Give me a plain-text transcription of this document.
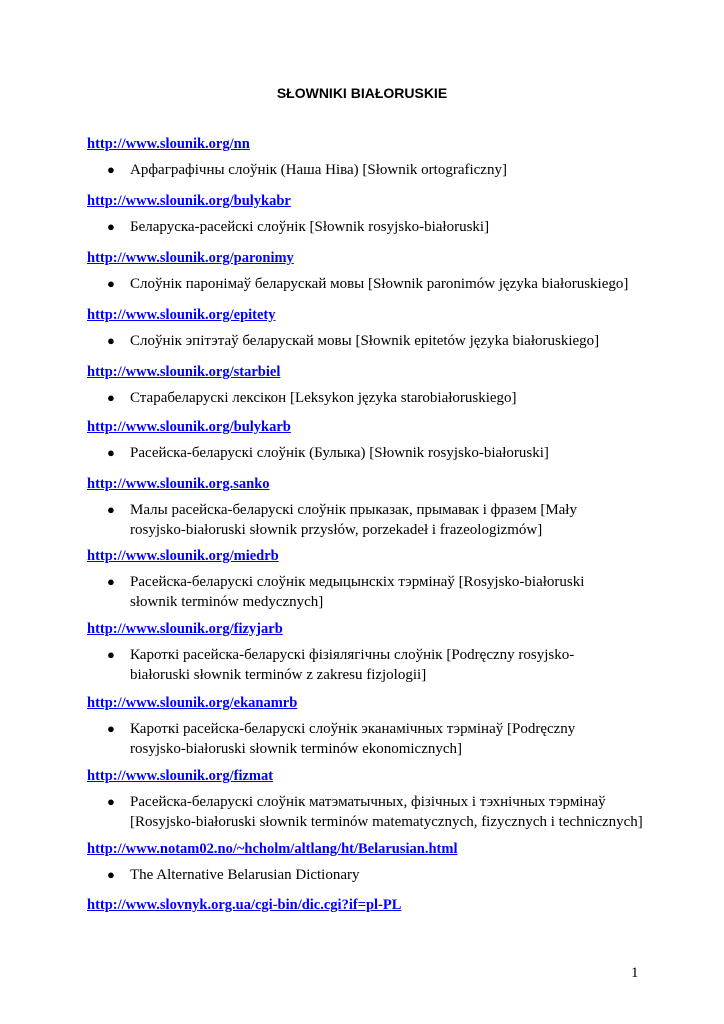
SŁOWNIKI BIAŁORUSKIE
http://www.slounik.org/nn
● Арфаграфічны слоўнік (Наша Ніва) [Słownik ortograficzny]
http://www.slounik.org/bulykabr
● Беларуска-расейскі слоўнік [Słownik rosyjsko-białoruski]
http://www.slounik.org/paronimy
● Слоўнік паронімаў беларускай мовы [Słownik paronimów języka białoruskiego]
http://www.slounik.org/epitety
● Слоўнік эпітэтаў беларускай мовы [Słownik epitetów języka białoruskiego]
http://www.slounik.org/starbiel
● Старабеларускі лексікон [Leksykon języka starobiałoruskiego]
http://www.slounik.org/bulykarb
● Расейска-беларускі слоўнік (Булыка) [Słownik rosyjsko-białoruski]
http://www.slounik.org.sanko
● Малы расейска-беларускі слоўнік прыказак, прымавак і фразем [Mały rosyjsko-białoruski słownik przysłów, porzekadeł i frazeologizmów]
http://www.slounik.org/miedrb
● Расейска-беларускі слоўнік медыцынскіх тэрмінаў [Rosyjsko-białoruski słownik terminów medycznych]
http://www.slounik.org/fizyjarb
● Кароткі расейска-беларускі фізіялягічны слоўнік [Podręczny rosyjsko-białoruski słownik terminów z zakresu fizjologii]
http://www.slounik.org/ekanamrb
● Кароткі расейска-беларускі слоўнік эканамічных тэрмінаў [Podręczny rosyjsko-białoruski słownik terminów ekonomicznych]
http://www.slounik.org/fizmat
● Расейска-беларускі слоўнік матэматычных, фізічных і тэхнічных тэрмінаў [Rosyjsko-białoruski słownik terminów matematycznych, fizycznych i technicznych]
http://www.notam02.no/~hcholm/altlang/ht/Belarusian.html
● The Alternative Belarusian Dictionary
http://www.slovnyk.org.ua/cgi-bin/dic.cgi?if=pl-PL
1
